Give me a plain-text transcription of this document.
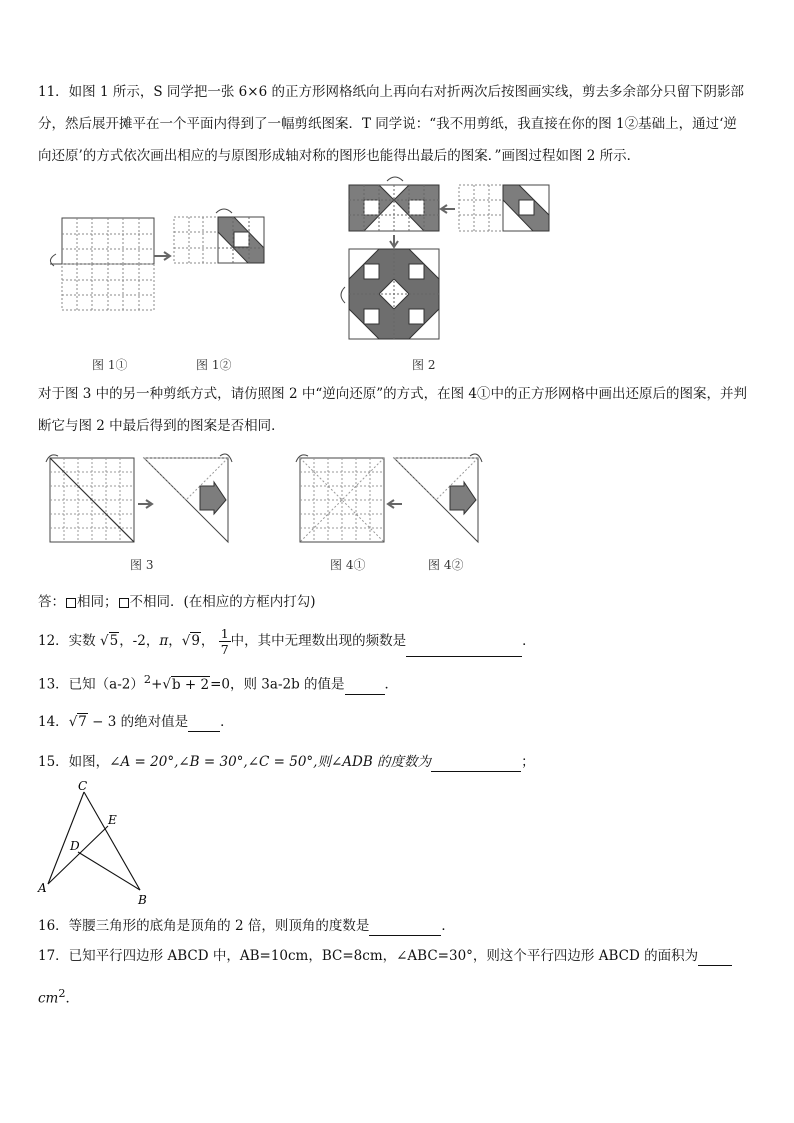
11．如图 1 所示，S 同学把一张 6×6 的正方形网格纸向上再向右对折两次后按图画实线，剪去多余部分只留下阴影部
分，然后展开摊平在一个平面内得到了一幅剪纸图案．T 同学说：“我不用剪纸，我直接在你的图 1②基础上，通过‘逆
向还原’的方式依次画出相应的与原图形成轴对称的图形也能得出最后的图案．”画图过程如图 2 所示．
图 1①	图 1②	图 2
对于图 3 中的另一种剪纸方式，请仿照图 2 中“逆向还原”的方式，在图 4①中的正方形网格中画出还原后的图案，并判
断它与图 2 中最后得到的图案是否相同．
图 3	图 4①	图 4②
答： 相同； 不相同．(在相应的方框内打勾)
12．实数 √5，-2，π，√9， $\frac{1}{7}$ 中，其中无理数出现的频数是	．
13．已知$(a-2)^2+√b + 2=0$，则 3a-2b 的值是	．
14．√7 − 3 的绝对值是 ．
15．如图，∠A = 20°,∠B = 30°,∠C = 50°,则∠ADB 的度数为	；
C
E
D
A
B
16．等腰三角形的底角是顶角的 2 倍，则顶角的度数是	．
17．已知平行四边形 ABCD 中，AB=10cm，BC=8cm，∠ABC=30°，则这个平行四边形 ABCD 的面积为
$cm^2$．
